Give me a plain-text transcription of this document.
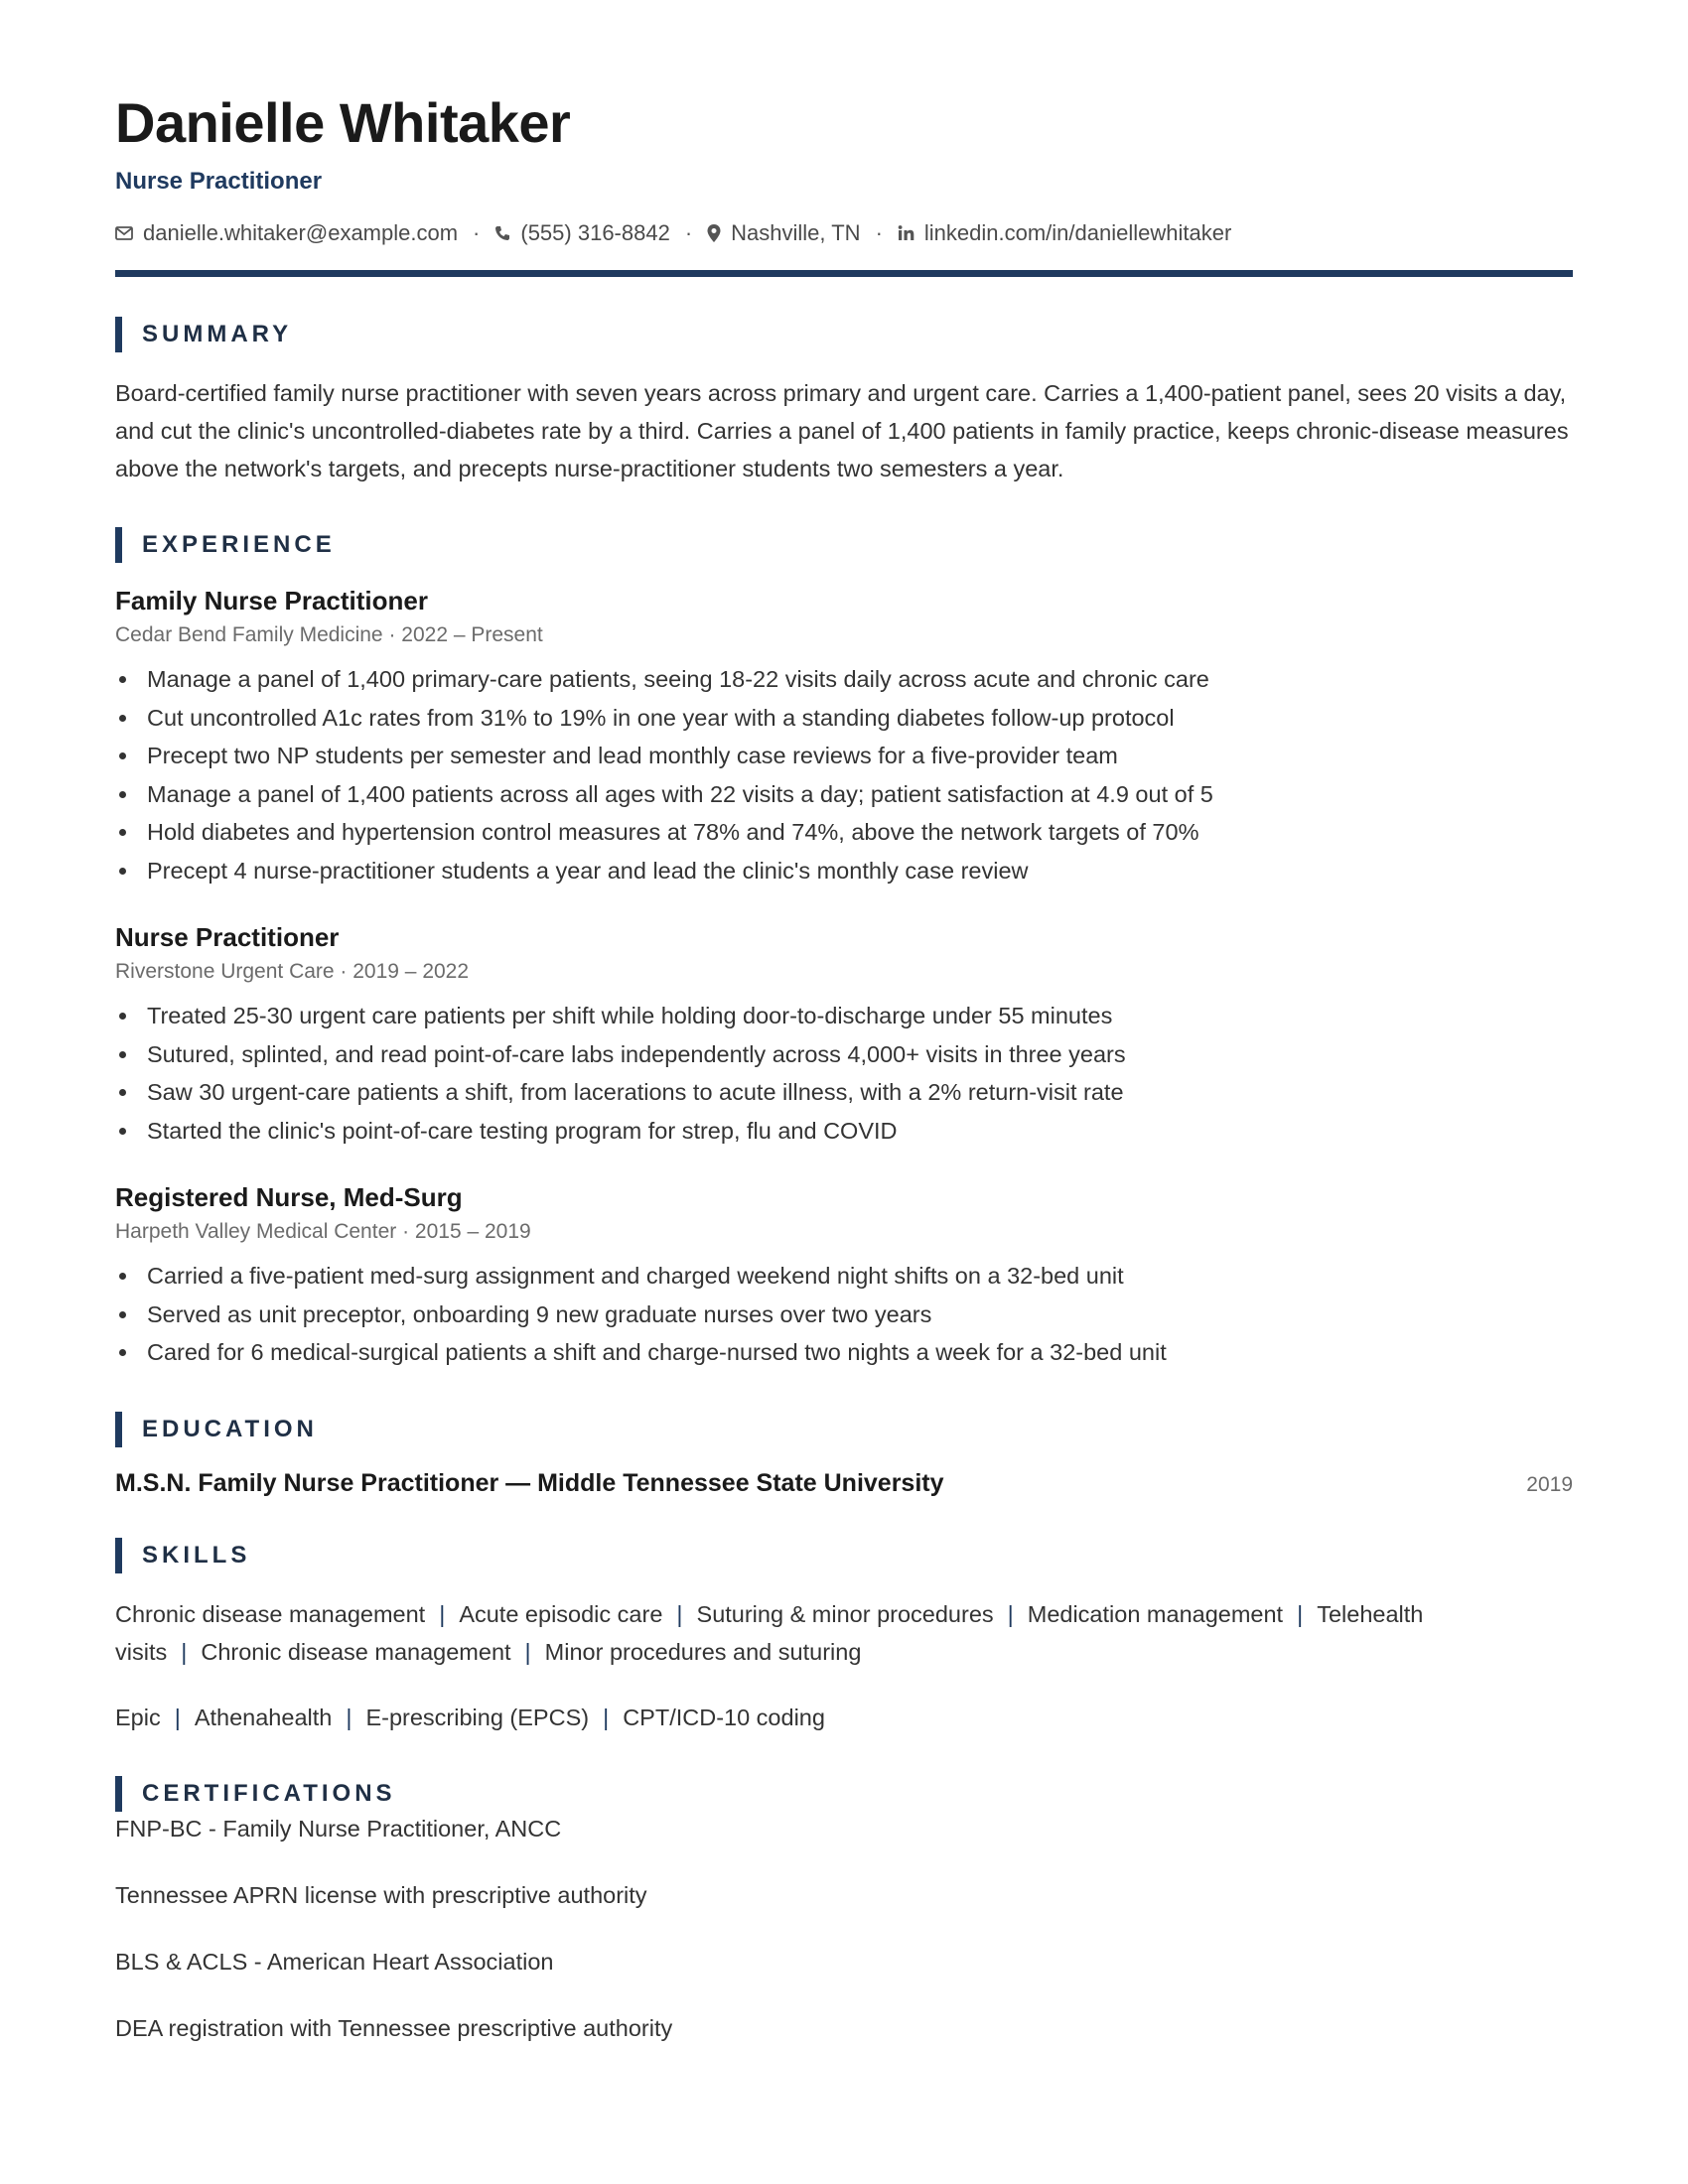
Danielle Whitaker
Nurse Practitioner
danielle.whitaker@example.com · (555) 316-8842 · Nashville, TN · linkedin.com/in/daniellewhitaker
SUMMARY

Board-certified family nurse practitioner with seven years across primary and urgent care. Carries a 1,400-patient panel, sees 20 visits a day, and cut the clinic's uncontrolled-diabetes rate by a third. Carries a panel of 1,400 patients in family practice, keeps chronic-disease measures above the network's targets, and precepts nurse-practitioner students two semesters a year.

EXPERIENCE
Family Nurse Practitioner
Cedar Bend Family Medicine · 2022 – Present
Manage a panel of 1,400 primary-care patients, seeing 18-22 visits daily across acute and chronic care
Cut uncontrolled A1c rates from 31% to 19% in one year with a standing diabetes follow-up protocol
Precept two NP students per semester and lead monthly case reviews for a five-provider team
Manage a panel of 1,400 patients across all ages with 22 visits a day; patient satisfaction at 4.9 out of 5
Hold diabetes and hypertension control measures at 78% and 74%, above the network targets of 70%
Precept 4 nurse-practitioner students a year and lead the clinic's monthly case review
Nurse Practitioner
Riverstone Urgent Care · 2019 – 2022
Treated 25-30 urgent care patients per shift while holding door-to-discharge under 55 minutes
Sutured, splinted, and read point-of-care labs independently across 4,000+ visits in three years
Saw 30 urgent-care patients a shift, from lacerations to acute illness, with a 2% return-visit rate
Started the clinic's point-of-care testing program for strep, flu and COVID
Registered Nurse, Med-Surg
Harpeth Valley Medical Center · 2015 – 2019
Carried a five-patient med-surg assignment and charged weekend night shifts on a 32-bed unit
Served as unit preceptor, onboarding 9 new graduate nurses over two years
Cared for 6 medical-surgical patients a shift and charge-nursed two nights a week for a 32-bed unit
EDUCATION
M.S.N. Family Nurse Practitioner — Middle Tennessee State University	2019
SKILLS
Chronic disease management | Acute episodic care | Suturing & minor procedures | Medication management | Telehealth visits | Chronic disease management | Minor procedures and suturing
Epic | Athenahealth | E-prescribing (EPCS) | CPT/ICD-10 coding
CERTIFICATIONS
FNP-BC - Family Nurse Practitioner, ANCC
Tennessee APRN license with prescriptive authority
BLS & ACLS - American Heart Association
DEA registration with Tennessee prescriptive authority
